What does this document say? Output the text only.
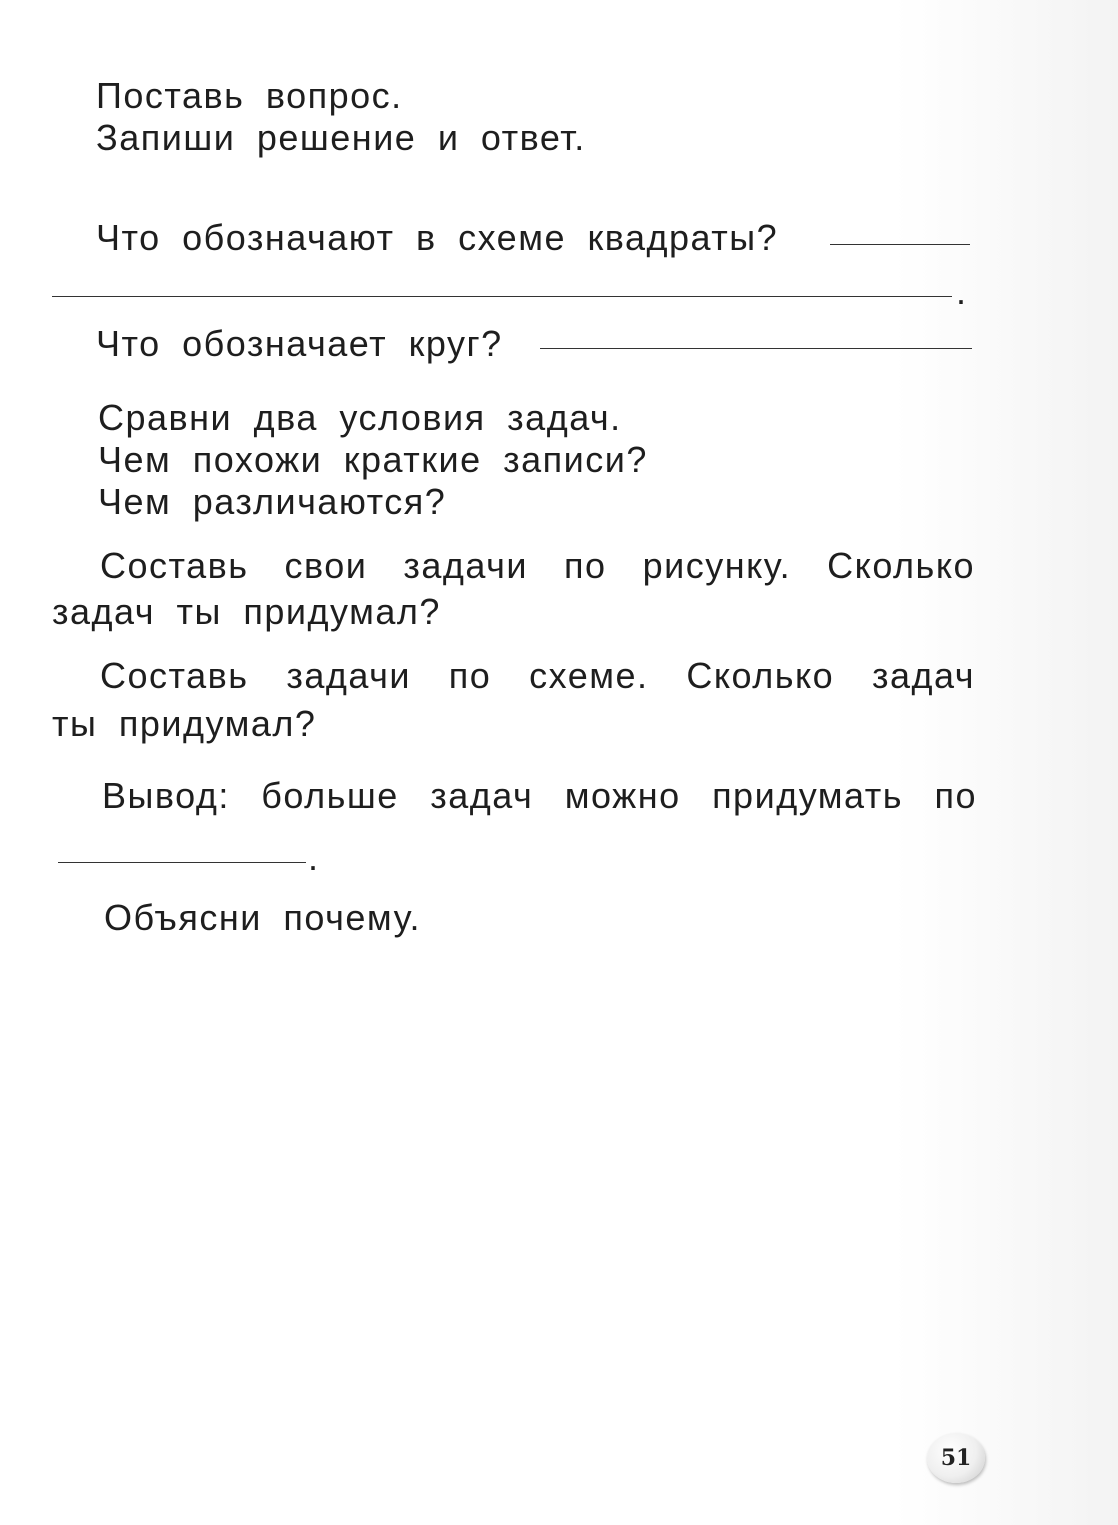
Поставь вопрос.
Запиши решение и ответ.
Что обозначают в схеме квадраты?
.
Что обозначает круг?
Сравни два условия задач.
Чем похожи краткие записи?
Чем различаются?
Составь свои задачи по рисунку. Сколько
задач ты придумал?
Составь задачи по схеме. Сколько задач
ты придумал?
Вывод: больше задач можно придумать по
.
Объясни почему.
51
